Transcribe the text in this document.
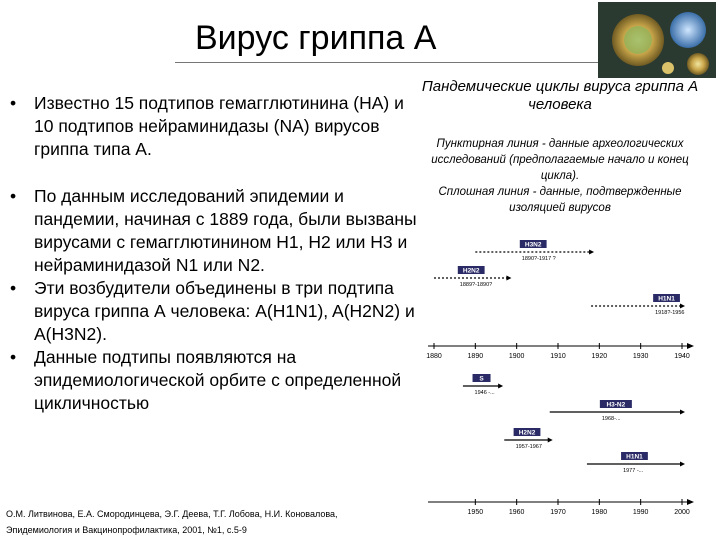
Вирус гриппа А
• Известно 15 подтипов гемагглютинина (НА) и 10 подтипов нейраминидазы (NA) вирусов гриппа типа А.
• По данным исследований эпидемии и пандемии, начиная с 1889 года, были вызваны вирусами с гемагглютинином Н1, Н2 или Н3 и нейраминидазой N1 или N2.
• Эти возбудители объединены в три подтипа вируса гриппа А человека: A(H1N1), A(H2N2) и A(H3N2).
• Данные подтипы появляются на эпидемиологической орбите с определенной цикличностью
О.М. Литвинова, Е.А. Смородинцева, Э.Г. Деева, Т.Г. Лобова, Н.И. Коновалова,
Эпидемиология и Вакцинопрофилактика, 2001, №1, с.5-9
Пандемические циклы вируса гриппа А человека
Пунктирная линия - данные археологических исследований (предполагаемые начало и конец цикла).
Сплошная линия - данные, подтвержденные изоляцией вирусов
1880	1890	1900	1910	1920	1930	1940
H3N2
1890?-1917 ?
H2N2
1889?-1890?
H1N1
1918?-1956
1950	1960	1970	1980	1990	2000
S
1946 -...
H3-N2
1968-...
H2N2
1957-1967
H1N1
1977 -...
